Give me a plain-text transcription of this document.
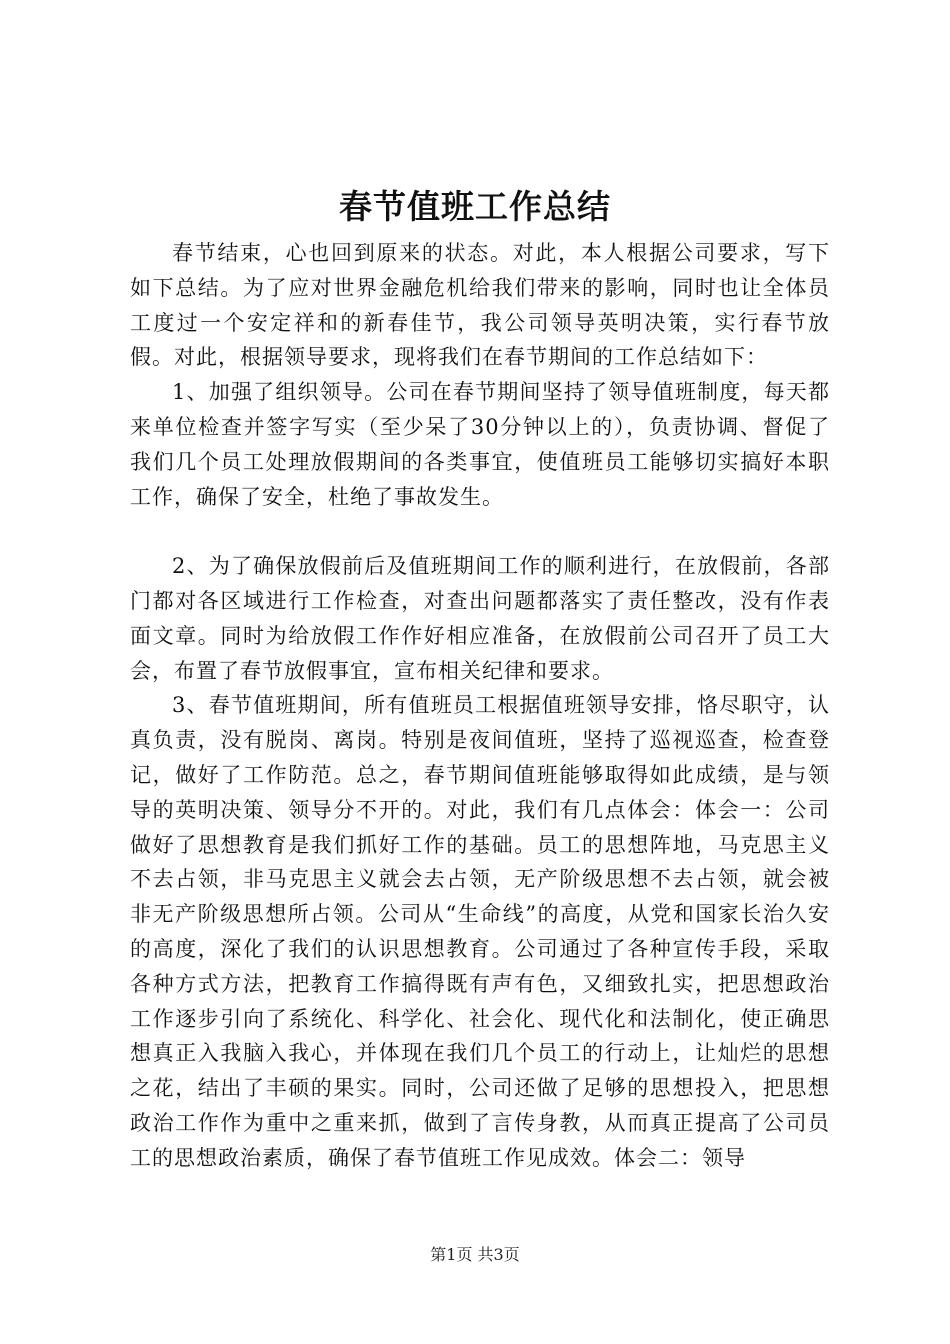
春节值班工作总结

春节结束，心也回到原来的状态。对此，本人根据公司要求，写下如下总结。为了应对世界金融危机给我们带来的影响，同时也让全体员工度过一个安定祥和的新春佳节，我公司领导英明决策，实行春节放假。对此，根据领导要求，现将我们在春节期间的工作总结如下：

1、加强了组织领导。公司在春节期间坚持了领导值班制度，每天都来单位检查并签字写实（至少呆了30分钟以上的），负责协调、督促了我们几个员工处理放假期间的各类事宜，使值班员工能够切实搞好本职工作，确保了安全，杜绝了事故发生。

2、为了确保放假前后及值班期间工作的顺利进行，在放假前，各部门都对各区域进行工作检查，对查出问题都落实了责任整改，没有作表面文章。同时为给放假工作作好相应准备，在放假前公司召开了员工大会，布置了春节放假事宜，宣布相关纪律和要求。

3、春节值班期间，所有值班员工根据值班领导安排，恪尽职守，认真负责，没有脱岗、离岗。特别是夜间值班，坚持了巡视巡查，检查登记，做好了工作防范。总之，春节期间值班能够取得如此成绩，是与领导的英明决策、领导分不开的。对此，我们有几点体会：体会一：公司做好了思想教育是我们抓好工作的基础。员工的思想阵地，马克思主义不去占领，非马克思主义就会去占领，无产阶级思想不去占领，就会被非无产阶级思想所占领。公司从“生命线”的高度，从党和国家长治久安的高度，深化了我们的认识思想教育。公司通过了各种宣传手段，采取各种方式方法，把教育工作搞得既有声有色，又细致扎实，把思想政治工作逐步引向了系统化、科学化、社会化、现代化和法制化，使正确思想真正入我脑入我心，并体现在我们几个员工的行动上，让灿烂的思想之花，结出了丰硕的果实。同时，公司还做了足够的思想投入，把思想政治工作作为重中之重来抓，做到了言传身教，从而真正提高了公司员工的思想政治素质，确保了春节值班工作见成效。体会二：领导

第1页 共3页
